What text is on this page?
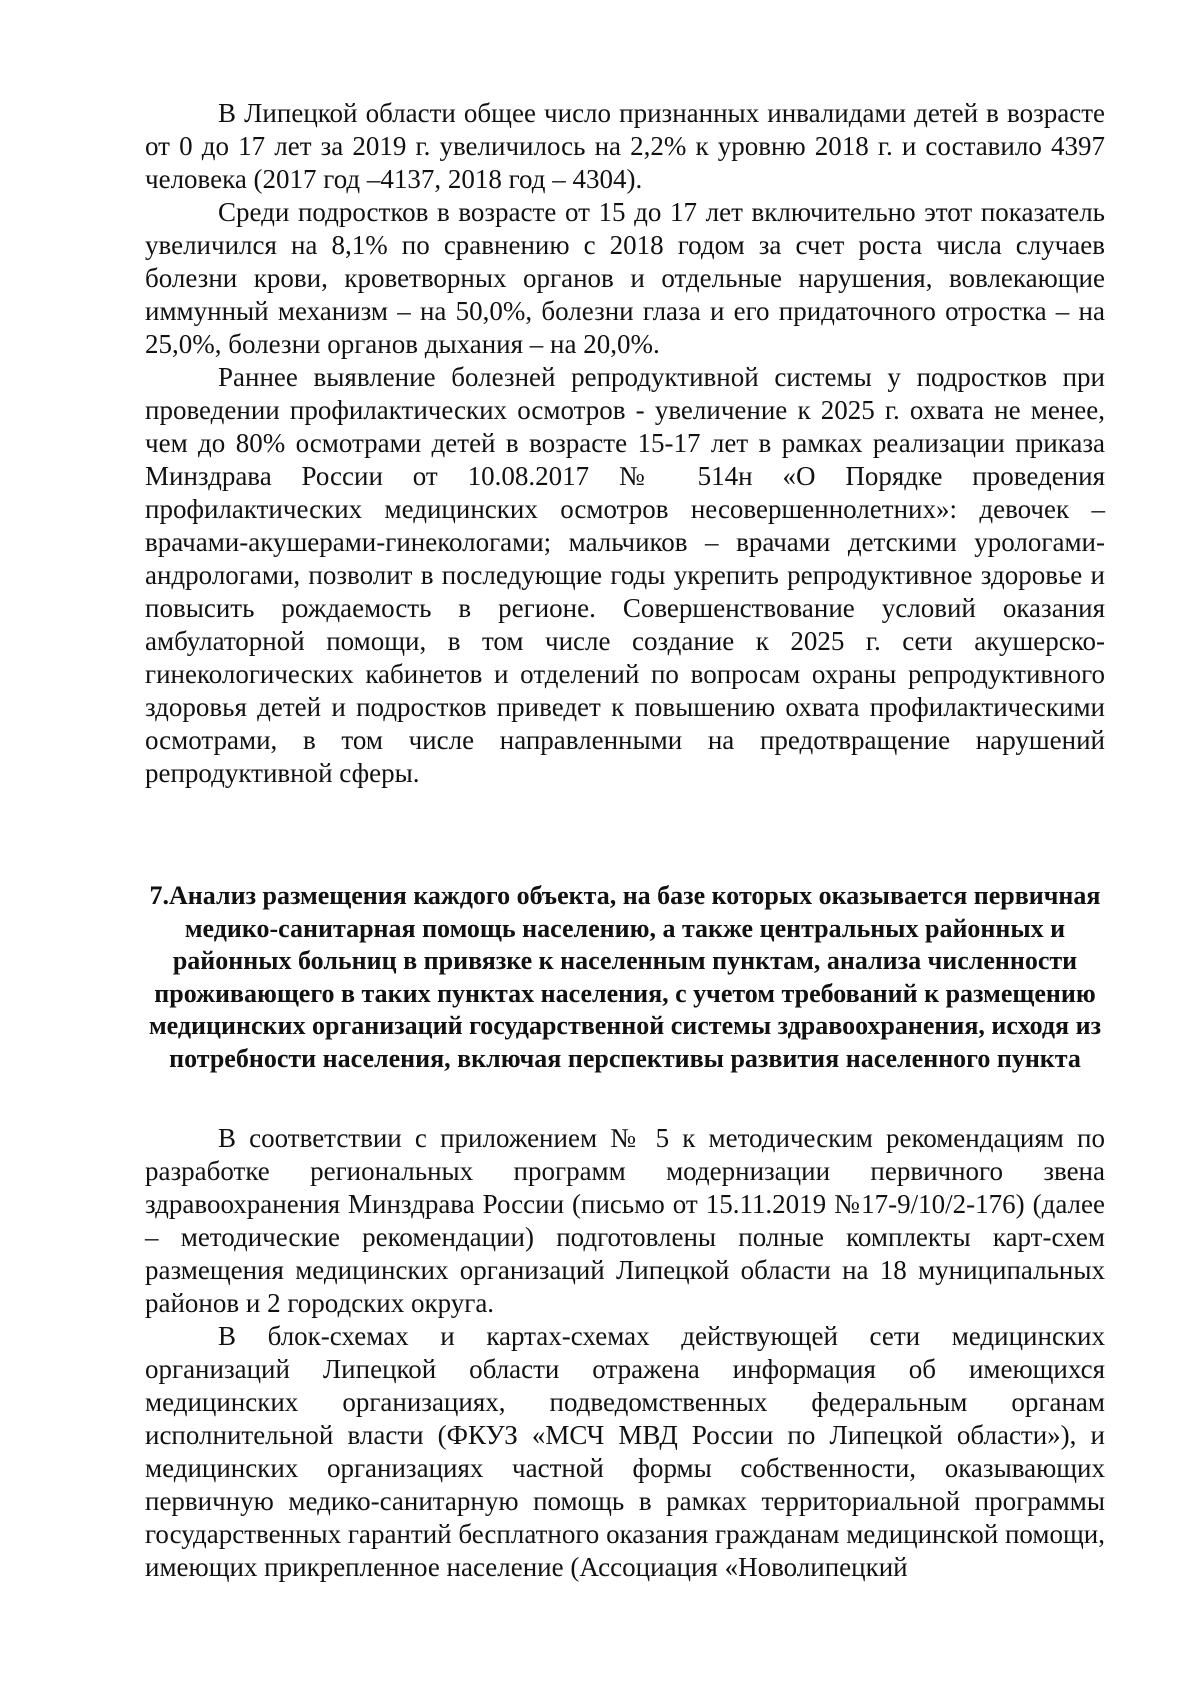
В Липецкой области общее число признанных инвалидами детей в возрасте от 0 до 17 лет за 2019 г. увеличилось на 2,2% к уровню 2018 г. и составило 4397 человека (2017 год –4137, 2018 год – 4304).

Среди подростков в возрасте от 15 до 17 лет включительно этот показатель увеличился на 8,1% по сравнению с 2018 годом за счет роста числа случаев болезни крови, кроветворных органов и отдельные нарушения, вовлекающие иммунный механизм – на 50,0%, болезни глаза и его придаточного отростка – на 25,0%, болезни органов дыхания – на 20,0%.

Раннее выявление болезней репродуктивной системы у подростков при проведении профилактических осмотров - увеличение к 2025 г. охвата не менее, чем до 80% осмотрами детей в возрасте 15-17 лет в рамках реализации приказа Минздрава России от 10.08.2017 № 514н «О Порядке проведения профилактических медицинских осмотров несовершеннолетних»: девочек – врачами-акушерами-гинекологами; мальчиков – врачами детскими урологами-андрологами, позволит в последующие годы укрепить репродуктивное здоровье и повысить рождаемость в регионе. Совершенствование условий оказания амбулаторной помощи, в том числе создание к 2025 г. сети акушерско-гинекологических кабинетов и отделений по вопросам охраны репродуктивного здоровья детей и подростков приведет к повышению охвата профилактическими осмотрами, в том числе направленными на предотвращение нарушений репродуктивной сферы.

7.Анализ размещения каждого объекта, на базе которых оказывается первичная медико-санитарная помощь населению, а также центральных районных и районных больниц в привязке к населенным пунктам, анализа численности проживающего в таких пунктах населения, с учетом требований к размещению медицинских организаций государственной системы здравоохранения, исходя из потребности населения, включая перспективы развития населенного пункта

В соответствии с приложением № 5 к методическим рекомендациям по разработке региональных программ модернизации первичного звена здравоохранения Минздрава России (письмо от 15.11.2019 №17-9/10/2-176) (далее – методические рекомендации) подготовлены полные комплекты карт-схем размещения медицинских организаций Липецкой области на 18 муниципальных районов и 2 городских округа.

В блок-схемах и картах-схемах действующей сети медицинских организаций Липецкой области отражена информация об имеющихся медицинских организациях, подведомственных федеральным органам исполнительной власти (ФКУЗ «МСЧ МВД России по Липецкой области»), и медицинских организациях частной формы собственности, оказывающих первичную медико-санитарную помощь в рамках территориальной программы государственных гарантий бесплатного оказания гражданам медицинской помощи, имеющих прикрепленное население (Ассоциация «Новолипецкий
